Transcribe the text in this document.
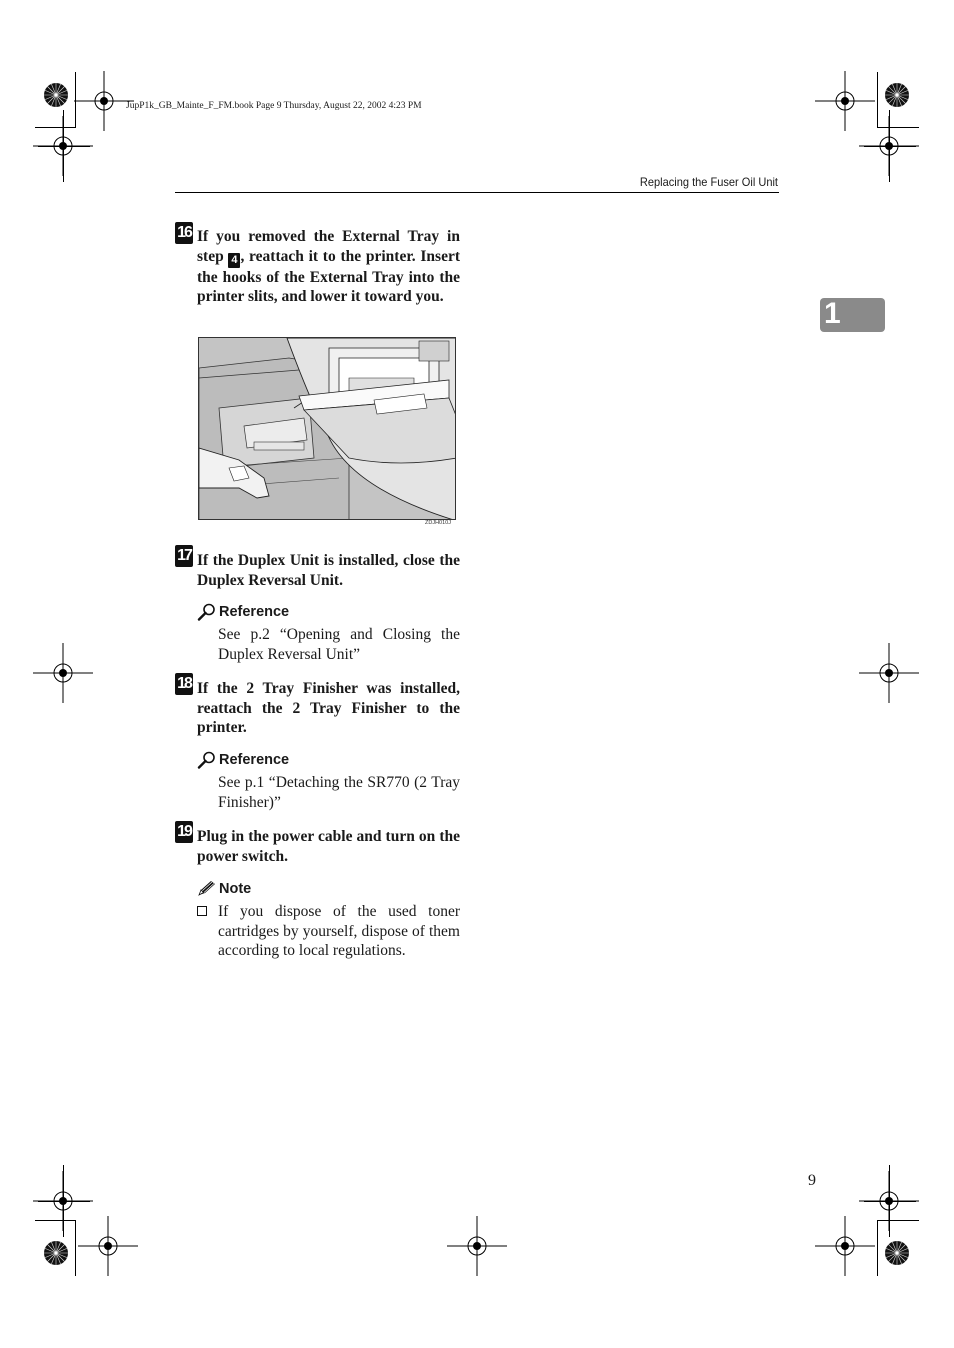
JupP1k_GB_Mainte_F_FM.book Page 9 Thursday, August 22, 2002 4:23 PM
Replacing the Fuser Oil Unit
1
16 If you removed the External Tray in step 4 , reattach it to the printer. Insert the hooks of the External Tray into the printer slits, and lower it toward you.
ZDJH010J
17 If the Duplex Unit is installed, close the Duplex Reversal Unit.
Reference
See p.2 “Opening and Closing the Duplex Reversal Unit”
18 If the 2 Tray Finisher was installed, reattach the 2 Tray Finisher to the printer.
Reference
See p.1 “Detaching the SR770 (2 Tray Finisher)”
19 Plug in the power cable and turn on the power switch.
Note
If you dispose of the used toner cartridges by yourself, dispose of them according to local regulations.
9
